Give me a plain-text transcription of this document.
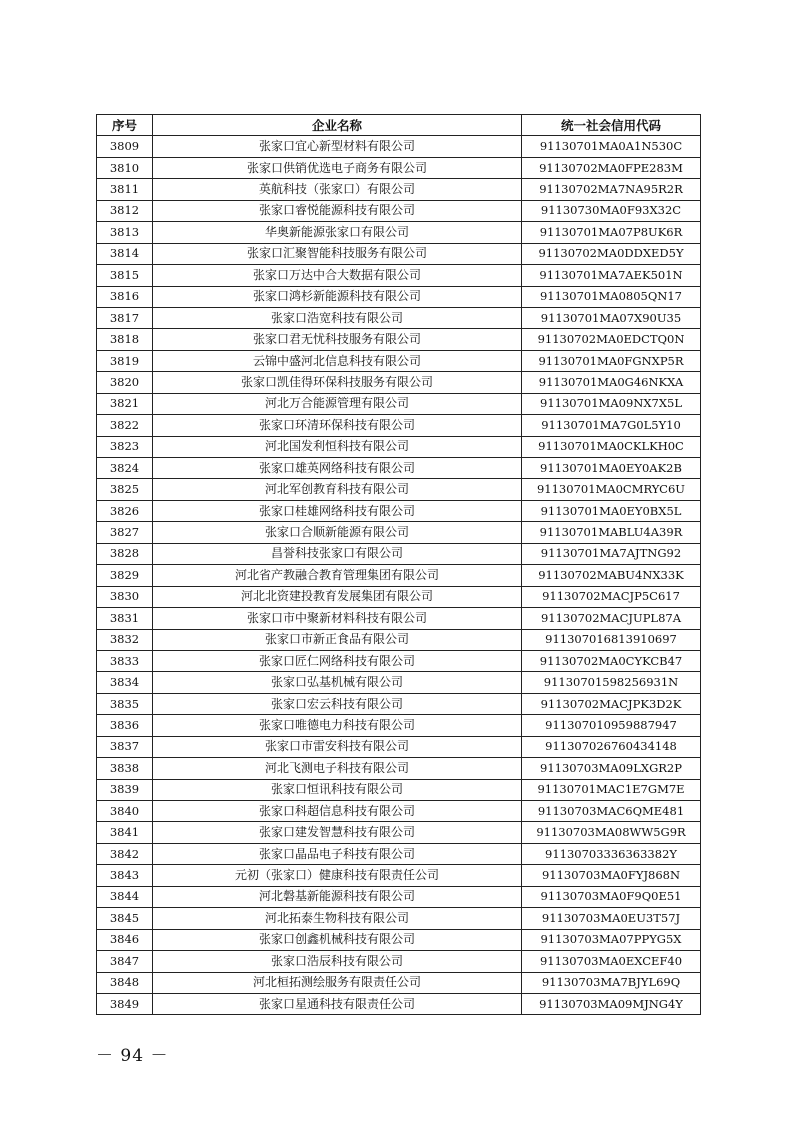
序号	企业名称	统一社会信用代码
3809	张家口宜心新型材料有限公司	91130701MA0A1N530C
3810	张家口供销优选电子商务有限公司	91130702MA0FPE283M
3811	英航科技（张家口）有限公司	91130702MA7NA95R2R
3812	张家口睿悦能源科技有限公司	91130730MA0F93X32C
3813	华奥新能源张家口有限公司	91130701MA07P8UK6R
3814	张家口汇聚智能科技服务有限公司	91130702MA0DDXED5Y
3815	张家口万达中合大数据有限公司	91130701MA7AEK501N
3816	张家口鸿杉新能源科技有限公司	91130701MA0805QN17
3817	张家口浩宽科技有限公司	91130701MA07X90U35
3818	张家口君无忧科技服务有限公司	91130702MA0EDCTQ0N
3819	云锦中盛河北信息科技有限公司	91130701MA0FGNXP5R
3820	张家口凯佳得环保科技服务有限公司	91130701MA0G46NKXA
3821	河北万合能源管理有限公司	91130701MA09NX7X5L
3822	张家口环清环保科技有限公司	91130701MA7G0L5Y10
3823	河北国发利恒科技有限公司	91130701MA0CKLKH0C
3824	张家口雄英网络科技有限公司	91130701MA0EY0AK2B
3825	河北军创教育科技有限公司	91130701MA0CMRYC6U
3826	张家口桂雄网络科技有限公司	91130701MA0EY0BX5L
3827	张家口合顺新能源有限公司	91130701MABLU4A39R
3828	昌誉科技张家口有限公司	91130701MA7AJTNG92
3829	河北省产教融合教育管理集团有限公司	91130702MABU4NX33K
3830	河北北资建投教育发展集团有限公司	91130702MACJP5C617
3831	张家口市中聚新材料科技有限公司	91130702MACJUPL87A
3832	张家口市新正食品有限公司	911307016813910697
3833	张家口匠仁网络科技有限公司	91130702MA0CYKCB47
3834	张家口弘基机械有限公司	91130701598256931N
3835	张家口宏云科技有限公司	91130702MACJPK3D2K
3836	张家口唯德电力科技有限公司	911307010959887947
3837	张家口市雷安科技有限公司	911307026760434148
3838	河北飞测电子科技有限公司	91130703MA09LXGR2P
3839	张家口恒讯科技有限公司	91130701MAC1E7GM7E
3840	张家口科超信息科技有限公司	91130703MAC6QME481
3841	张家口建发智慧科技有限公司	91130703MA08WW5G9R
3842	张家口晶品电子科技有限公司	91130703336363382Y
3843	元初（张家口）健康科技有限责任公司	91130703MA0FYJ868N
3844	河北磐基新能源科技有限公司	91130703MA0F9Q0E51
3845	河北拓泰生物科技有限公司	91130703MA0EU3T57J
3846	张家口创鑫机械科技有限公司	91130703MA07PPYG5X
3847	张家口浩辰科技有限公司	91130703MA0EXCEF40
3848	河北桓拓测绘服务有限责任公司	91130703MA7BJYL69Q
3849	张家口星通科技有限责任公司	91130703MA09MJNG4Y
－ 94 －
